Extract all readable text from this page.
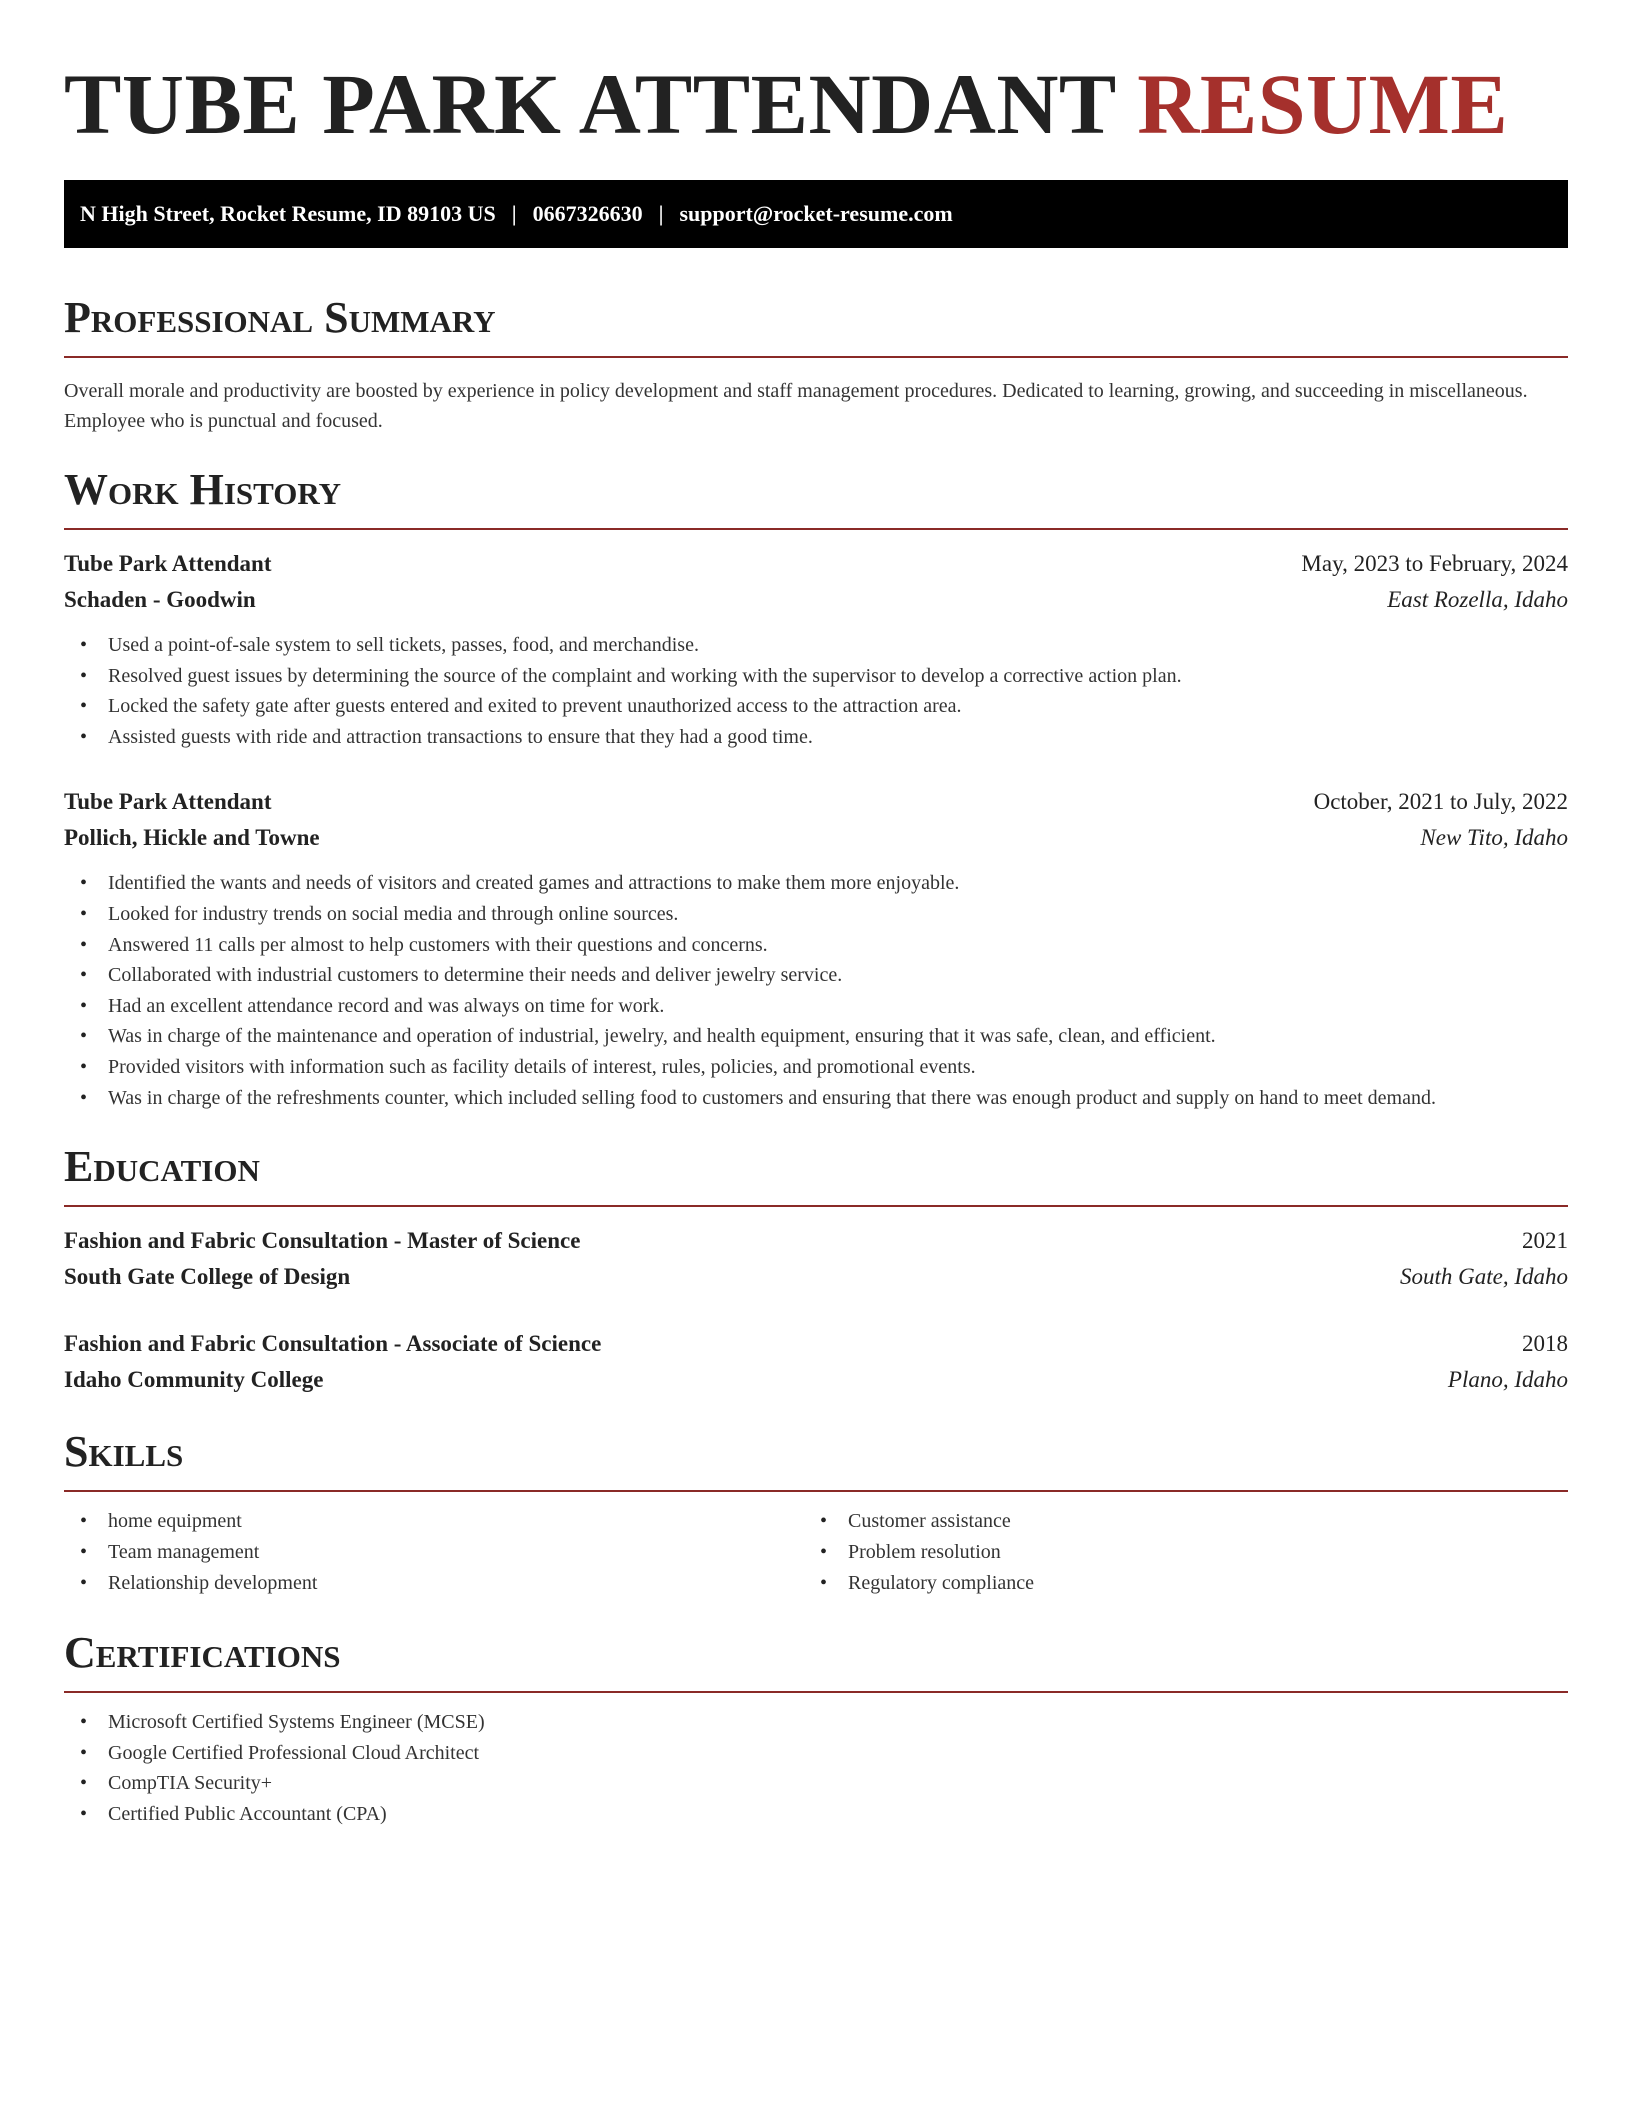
TUBE PARK ATTENDANT RESUME
N High Street, Rocket Resume, ID 89103 US | 0667326630 | support@rocket-resume.com
Professional Summary

Overall morale and productivity are boosted by experience in policy development and staff management procedures. Dedicated to learning, growing, and succeeding in miscellaneous. Employee who is punctual and focused.

Work History
Tube Park Attendant	May, 2023 to February, 2024
Schaden - Goodwin	East Rozella, Idaho
• Used a point-of-sale system to sell tickets, passes, food, and merchandise.
• Resolved guest issues by determining the source of the complaint and working with the supervisor to develop a corrective action plan.
• Locked the safety gate after guests entered and exited to prevent unauthorized access to the attraction area.
• Assisted guests with ride and attraction transactions to ensure that they had a good time.
Tube Park Attendant	October, 2021 to July, 2022
Pollich, Hickle and Towne	New Tito, Idaho
• Identified the wants and needs of visitors and created games and attractions to make them more enjoyable.
• Looked for industry trends on social media and through online sources.
• Answered 11 calls per almost to help customers with their questions and concerns.
• Collaborated with industrial customers to determine their needs and deliver jewelry service.
• Had an excellent attendance record and was always on time for work.
• Was in charge of the maintenance and operation of industrial, jewelry, and health equipment, ensuring that it was safe, clean, and efficient.
• Provided visitors with information such as facility details of interest, rules, policies, and promotional events.
• Was in charge of the refreshments counter, which included selling food to customers and ensuring that there was enough product and supply on hand to meet demand.
Education
Fashion and Fabric Consultation - Master of Science	2021
South Gate College of Design	South Gate, Idaho
Fashion and Fabric Consultation - Associate of Science	2018
Idaho Community College	Plano, Idaho
Skills
• home equipment
• Team management
• Relationship development
• Customer assistance
• Problem resolution
• Regulatory compliance
Certifications
• Microsoft Certified Systems Engineer (MCSE)
• Google Certified Professional Cloud Architect
• CompTIA Security+
• Certified Public Accountant (CPA)
